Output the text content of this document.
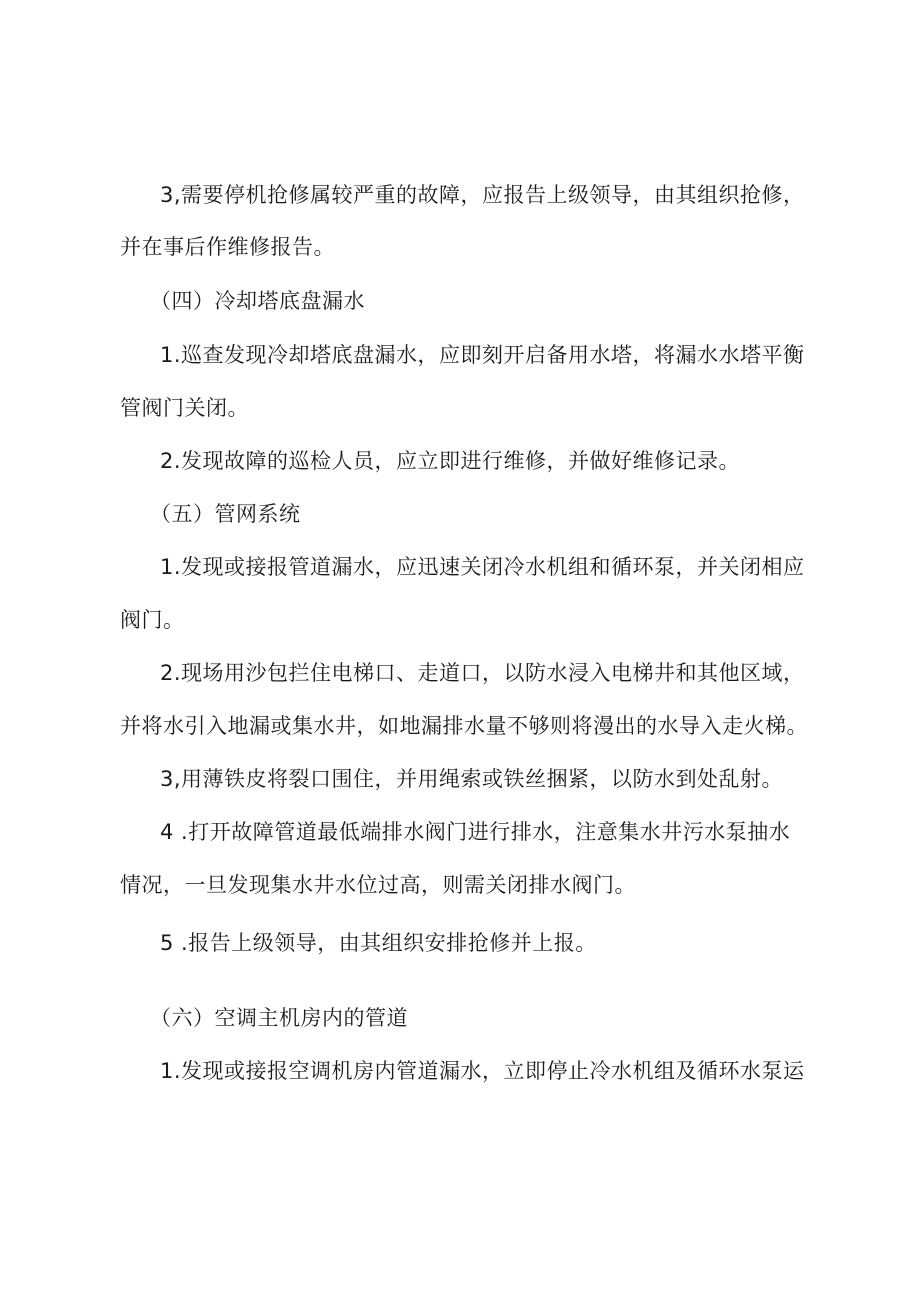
3,需要停机抢修属较严重的故障，应报告上级领导，由其组织抢修，
并在事后作维修报告。
（四）冷却塔底盘漏水
1.巡查发现冷却塔底盘漏水，应即刻开启备用水塔，将漏水水塔平衡
管阀门关闭。
2.发现故障的巡检人员，应立即进行维修，并做好维修记录。
（五）管网系统
1.发现或接报管道漏水，应迅速关闭冷水机组和循环泵，并关闭相应
阀门。
2.现场用沙包拦住电梯口、走道口，以防水浸入电梯井和其他区域，
并将水引入地漏或集水井，如地漏排水量不够则将漫出的水导入走火梯。
3,用薄铁皮将裂口围住，并用绳索或铁丝捆紧，以防水到处乱射。
4 .打开故障管道最低端排水阀门进行排水，注意集水井污水泵抽水
情况，一旦发现集水井水位过高，则需关闭排水阀门。
5 .报告上级领导，由其组织安排抢修并上报。
（六）空调主机房内的管道
1.发现或接报空调机房内管道漏水，立即停止冷水机组及循环水泵运
